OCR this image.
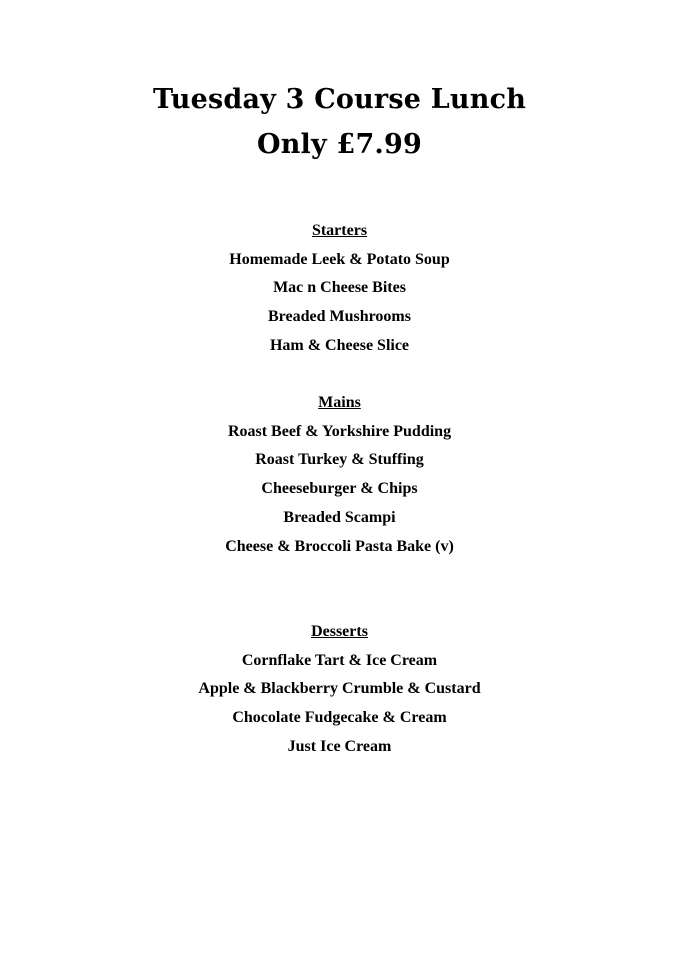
Tuesday 3 Course Lunch
Only £7.99
Starters
Homemade Leek & Potato Soup
Mac n Cheese Bites
Breaded Mushrooms
Ham & Cheese Slice
Mains
Roast Beef & Yorkshire Pudding
Roast Turkey & Stuffing
Cheeseburger & Chips
Breaded Scampi
Cheese & Broccoli Pasta Bake (v)
Desserts
Cornflake Tart & Ice Cream
Apple & Blackberry Crumble & Custard
Chocolate Fudgecake & Cream
Just Ice Cream
